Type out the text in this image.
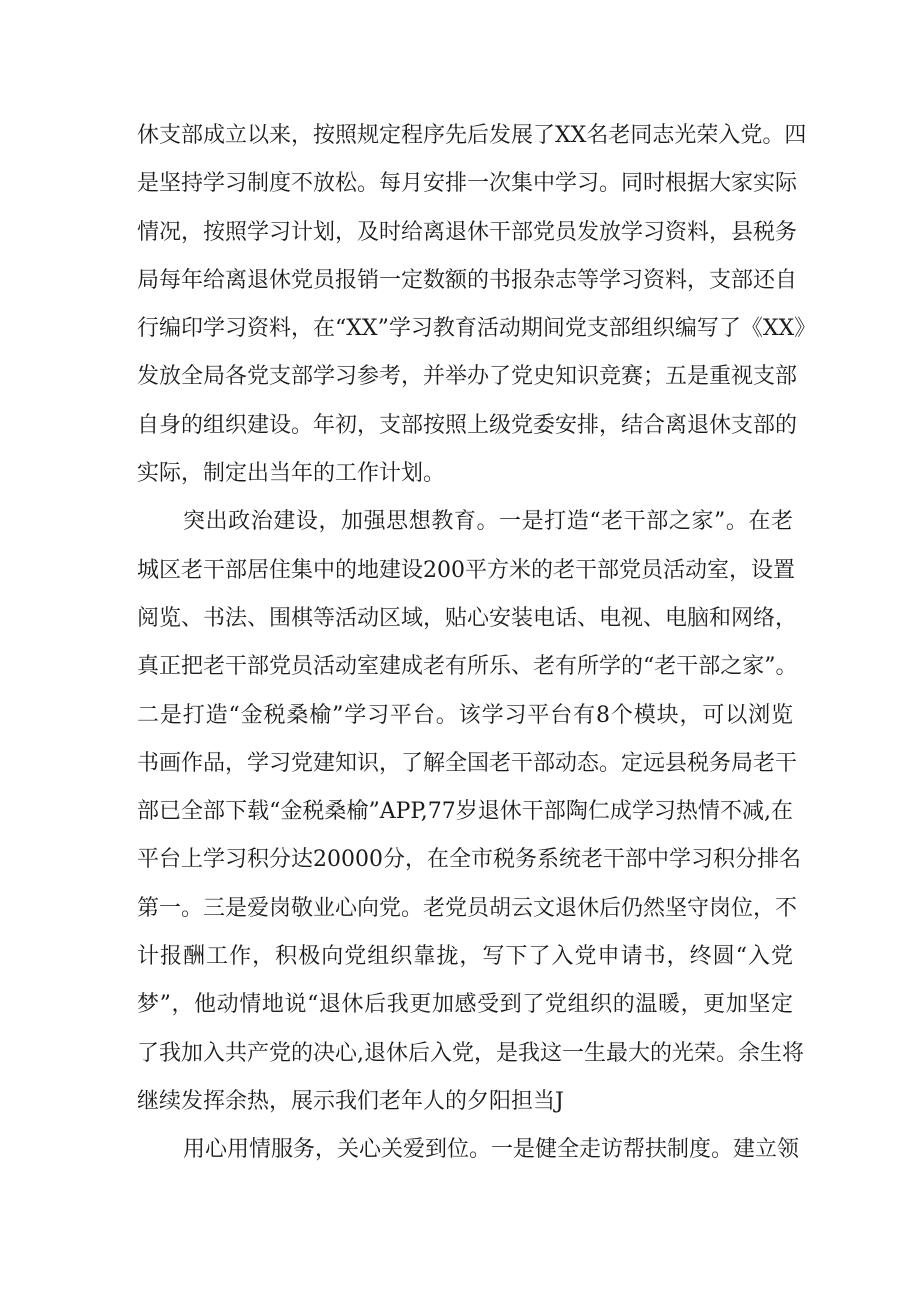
休支部成立以来，按照规定程序先后发展了XX名老同志光荣入党。四
是坚持学习制度不放松。每月安排一次集中学习。同时根据大家实际
情况，按照学习计划，及时给离退休干部党员发放学习资料，县税务
局每年给离退休党员报销一定数额的书报杂志等学习资料，支部还自
行编印学习资料，在“XX”学习教育活动期间党支部组织编写了《XX》
发放全局各党支部学习参考，并举办了党史知识竞赛；五是重视支部
自身的组织建设。年初，支部按照上级党委安排，结合离退休支部的
实际，制定出当年的工作计划。
突出政治建设，加强思想教育。一是打造“老干部之家”。在老
城区老干部居住集中的地建设200平方米的老干部党员活动室，设置
阅览、书法、围棋等活动区域，贴心安装电话、电视、电脑和网络，
真正把老干部党员活动室建成老有所乐、老有所学的“老干部之家”。
二是打造“金税桑榆”学习平台。该学习平台有8个模块，可以浏览
书画作品，学习党建知识，了解全国老干部动态。定远县税务局老干
部已全部下载“金税桑榆”APP,77岁退休干部陶仁成学习热情不减,在
平台上学习积分达20000分，在全市税务系统老干部中学习积分排名
第一。三是爱岗敬业心向党。老党员胡云文退休后仍然坚守岗位，不
计报酬工作，积极向党组织靠拢，写下了入党申请书，终圆“入党
梦”，他动情地说“退休后我更加感受到了党组织的温暖，更加坚定
了我加入共产党的决心,退休后入党，是我这一生最大的光荣。余生将
继续发挥余热，展示我们老年人的夕阳担当J
用心用情服务，关心关爱到位。一是健全走访帮扶制度。建立领
